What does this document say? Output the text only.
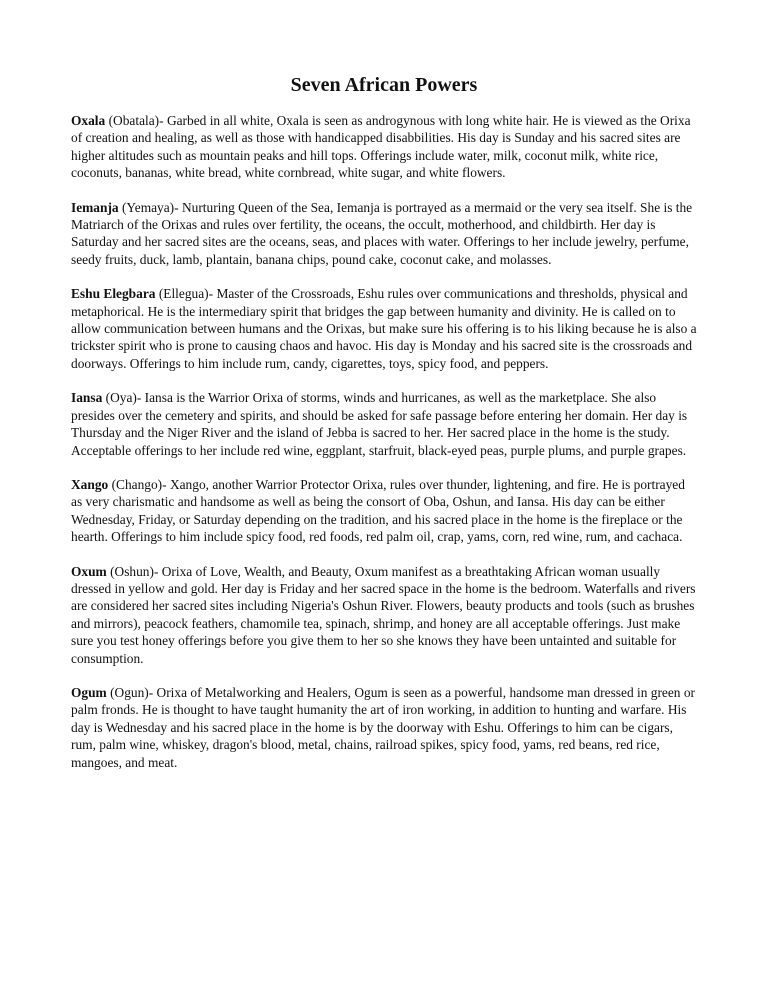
Seven African Powers

Oxala (Obatala)- Garbed in all white, Oxala is seen as androgynous with long white hair. He is viewed as the Orixa of creation and healing, as well as those with handicapped disabbilities. His day is Sunday and his sacred sites are higher altitudes such as mountain peaks and hill tops. Offerings include water, milk, coconut milk, white rice, coconuts, bananas, white bread, white cornbread, white sugar, and white flowers.

Iemanja (Yemaya)- Nurturing Queen of the Sea, Iemanja is portrayed as a mermaid or the very sea itself. She is the Matriarch of the Orixas and rules over fertility, the oceans, the occult, motherhood, and childbirth. Her day is Saturday and her sacred sites are the oceans, seas, and places with water. Offerings to her include jewelry, perfume, seedy fruits, duck, lamb, plantain, banana chips, pound cake, coconut cake, and molasses.

Eshu Elegbara (Ellegua)- Master of the Crossroads, Eshu rules over communications and thresholds, physical and metaphorical. He is the intermediary spirit that bridges the gap between humanity and divinity. He is called on to allow communication between humans and the Orixas, but make sure his offering is to his liking because he is also a trickster spirit who is prone to causing chaos and havoc. His day is Monday and his sacred site is the crossroads and doorways. Offerings to him include rum, candy, cigarettes, toys, spicy food, and peppers.

Iansa (Oya)- Iansa is the Warrior Orixa of storms, winds and hurricanes, as well as the marketplace. She also presides over the cemetery and spirits, and should be asked for safe passage before entering her domain. Her day is Thursday and the Niger River and the island of Jebba is sacred to her. Her sacred place in the home is the study. Acceptable offerings to her include red wine, eggplant, starfruit, black-eyed peas, purple plums, and purple grapes.

Xango (Chango)- Xango, another Warrior Protector Orixa, rules over thunder, lightening, and fire. He is portrayed as very charismatic and handsome as well as being the consort of Oba, Oshun, and Iansa. His day can be either Wednesday, Friday, or Saturday depending on the tradition, and his sacred place in the home is the fireplace or the hearth. Offerings to him include spicy food, red foods, red palm oil, crap, yams, corn, red wine, rum, and cachaca.

Oxum (Oshun)- Orixa of Love, Wealth, and Beauty, Oxum manifest as a breathtaking African woman usually dressed in yellow and gold. Her day is Friday and her sacred space in the home is the bedroom. Waterfalls and rivers are considered her sacred sites including Nigeria's Oshun River. Flowers, beauty products and tools (such as brushes and mirrors), peacock feathers, chamomile tea, spinach, shrimp, and honey are all acceptable offerings. Just make sure you test honey offerings before you give them to her so she knows they have been untainted and suitable for consumption.

Ogum (Ogun)- Orixa of Metalworking and Healers, Ogum is seen as a powerful, handsome man dressed in green or palm fronds. He is thought to have taught humanity the art of iron working, in addition to hunting and warfare. His day is Wednesday and his sacred place in the home is by the doorway with Eshu. Offerings to him can be cigars, rum, palm wine, whiskey, dragon's blood, metal, chains, railroad spikes, spicy food, yams, red beans, red rice, mangoes, and meat.
